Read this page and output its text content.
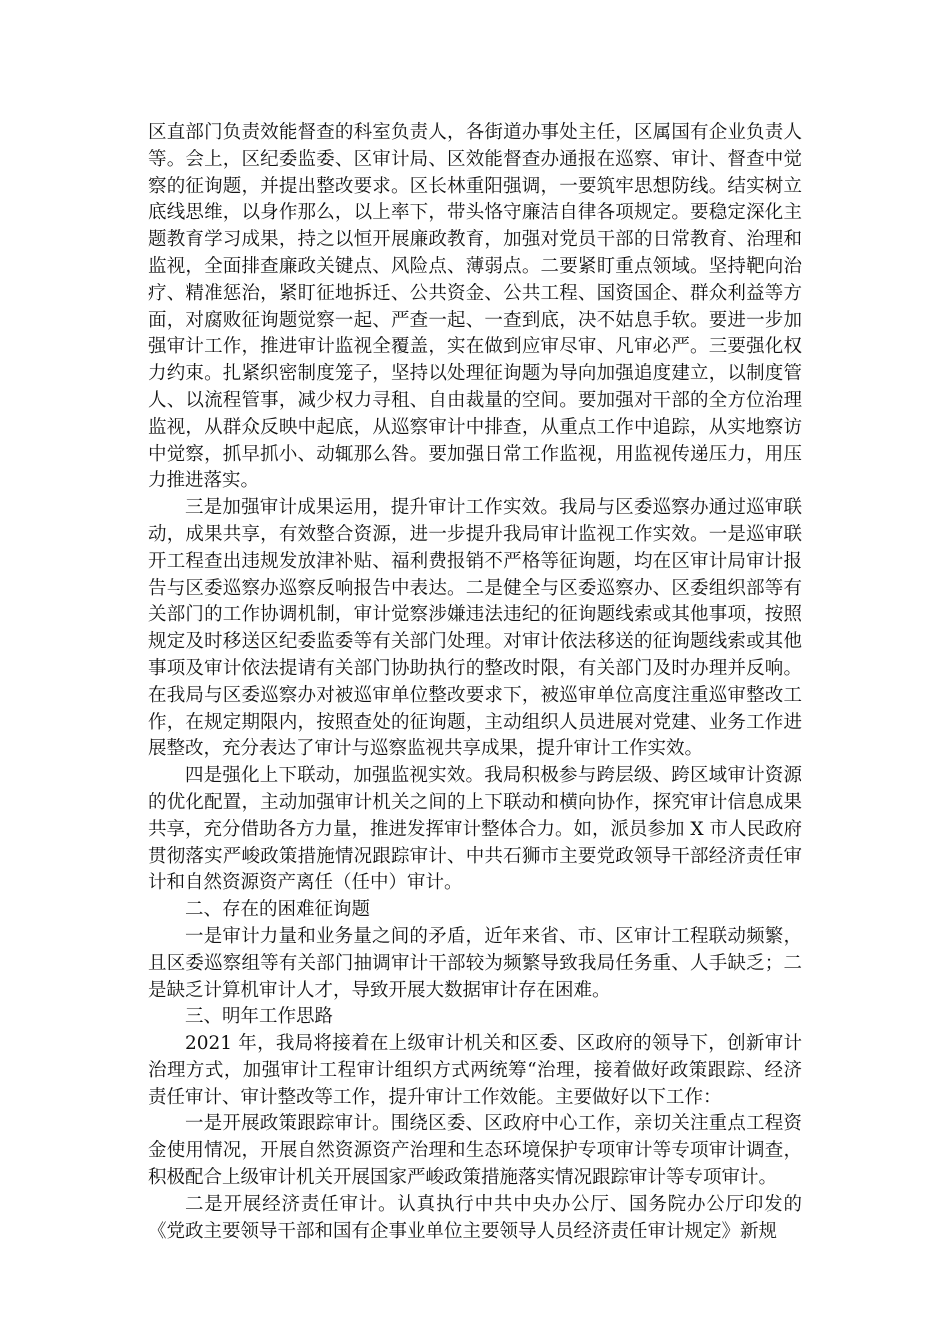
区直部门负责效能督查的科室负责人，各街道办事处主任，区属国有企业负责人等。会上，区纪委监委、区审计局、区效能督查办通报在巡察、审计、督查中觉察的征询题，并提出整改要求。区长林重阳强调，一要筑牢思想防线。结实树立底线思维，以身作那么，以上率下，带头恪守廉洁自律各项规定。要稳定深化主题教育学习成果，持之以恒开展廉政教育，加强对党员干部的日常教育、治理和监视，全面排查廉政关键点、风险点、薄弱点。二要紧盯重点领域。坚持靶向治疗、精准惩治，紧盯征地拆迁、公共资金、公共工程、国资国企、群众利益等方面，对腐败征询题觉察一起、严查一起、一查到底，决不姑息手软。要进一步加强审计工作，推进审计监视全覆盖，实在做到应审尽审、凡审必严。三要强化权力约束。扎紧织密制度笼子，坚持以处理征询题为导向加强追度建立，以制度管人、以流程管事，减少权力寻租、自由裁量的空间。要加强对干部的全方位治理监视，从群众反映中起底，从巡察审计中排查，从重点工作中追踪，从实地察访中觉察，抓早抓小、动辄那么咎。要加强日常工作监视，用监视传递压力，用压力推进落实。

三是加强审计成果运用，提升审计工作实效。我局与区委巡察办通过巡审联动，成果共享，有效整合资源，进一步提升我局审计监视工作实效。一是巡审联开工程查出违规发放津补贴、福利费报销不严格等征询题，均在区审计局审计报告与区委巡察办巡察反响报告中表达。二是健全与区委巡察办、区委组织部等有关部门的工作协调机制，审计觉察涉嫌违法违纪的征询题线索或其他事项，按照规定及时移送区纪委监委等有关部门处理。对审计依法移送的征询题线索或其他事项及审计依法提请有关部门协助执行的整改时限，有关部门及时办理并反响。在我局与区委巡察办对被巡审单位整改要求下，被巡审单位高度注重巡审整改工作，在规定期限内，按照查处的征询题，主动组织人员进展对党建、业务工作进展整改，充分表达了审计与巡察监视共享成果，提升审计工作实效。

四是强化上下联动，加强监视实效。我局积极参与跨层级、跨区域审计资源的优化配置，主动加强审计机关之间的上下联动和横向协作，探究审计信息成果共享，充分借助各方力量，推进发挥审计整体合力。如，派员参加 X 市人民政府贯彻落实严峻政策措施情况跟踪审计、中共石狮市主要党政领导干部经济责任审计和自然资源资产离任（任中）审计。

二、存在的困难征询题

一是审计力量和业务量之间的矛盾，近年来省、市、区审计工程联动频繁，且区委巡察组等有关部门抽调审计干部较为频繁导致我局任务重、人手缺乏；二是缺乏计算机审计人才，导致开展大数据审计存在困难。

三、明年工作思路

2021 年，我局将接着在上级审计机关和区委、区政府的领导下，创新审计治理方式，加强审计工程审计组织方式两统筹“治理，接着做好政策跟踪、经济责任审计、审计整改等工作，提升审计工作效能。主要做好以下工作：

一是开展政策跟踪审计。围绕区委、区政府中心工作，亲切关注重点工程资金使用情况，开展自然资源资产治理和生态环境保护专项审计等专项审计调查，积极配合上级审计机关开展国家严峻政策措施落实情况跟踪审计等专项审计。

二是开展经济责任审计。认真执行中共中央办公厅、国务院办公厅印发的《党政主要领导干部和国有企事业单位主要领导人员经济责任审计规定》新规
